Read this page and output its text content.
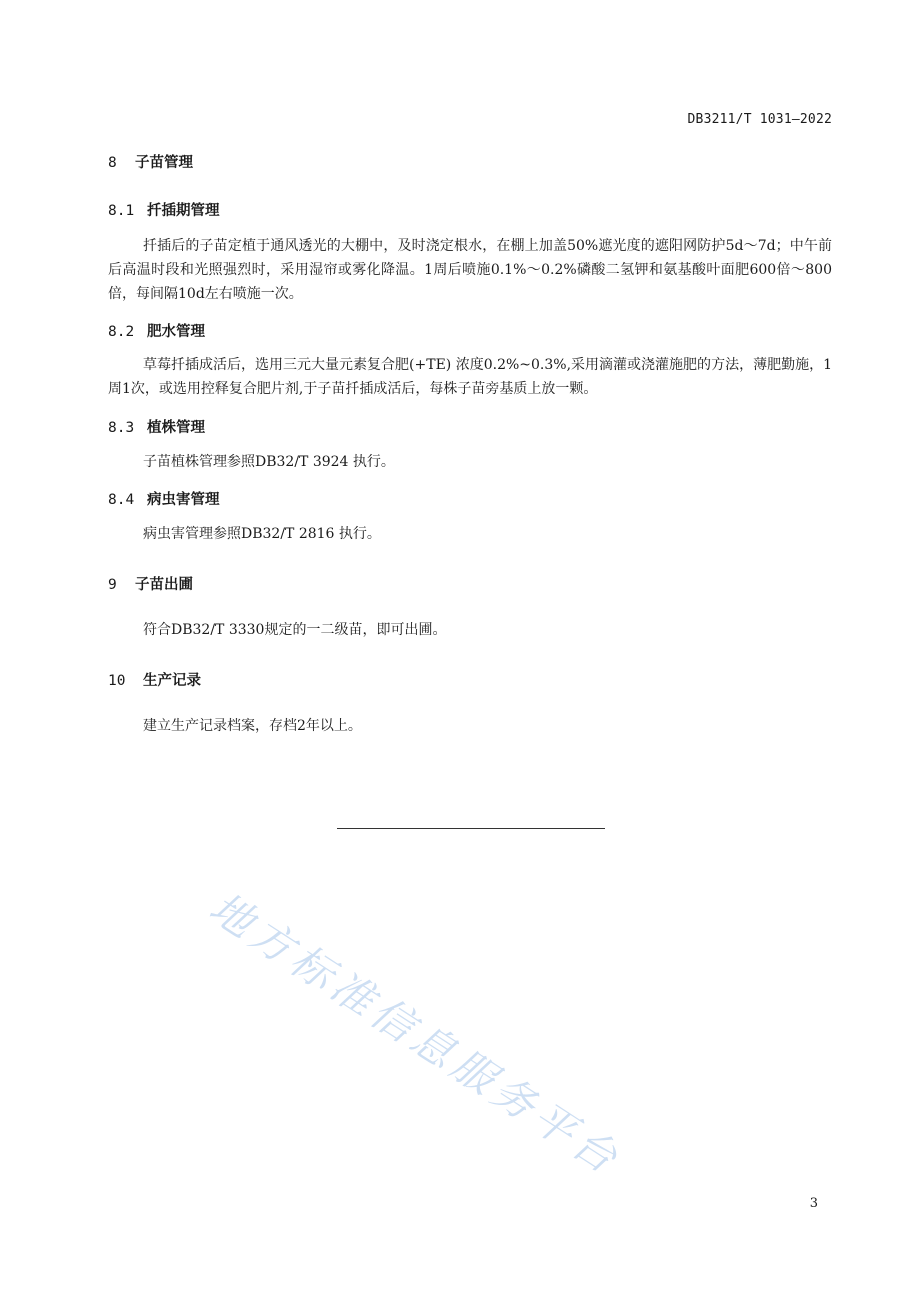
DB3211/T 1031—2022
8 子苗管理
8.1 扦插期管理

扦插后的子苗定植于通风透光的大棚中，及时浇定根水，在棚上加盖50%遮光度的遮阳网防护5d～7d；中午前后高温时段和光照强烈时，采用湿帘或雾化降温。1周后喷施0.1%～0.2%磷酸二氢钾和氨基酸叶面肥600倍～800倍，每间隔10d左右喷施一次。

8.2 肥水管理

草莓扦插成活后，选用三元大量元素复合肥(+TE) 浓度0.2%~0.3%,采用滴灌或浇灌施肥的方法，薄肥勤施，1周1次，或选用控释复合肥片剂,于子苗扦插成活后，每株子苗旁基质上放一颗。

8.3 植株管理

子苗植株管理参照DB32/T 3924 执行。

8.4 病虫害管理

病虫害管理参照DB32/T 2816 执行。

9 子苗出圃

符合DB32/T 3330规定的一二级苗，即可出圃。

10 生产记录

建立生产记录档案，存档2年以上。

地方标准信息服务平台
3
